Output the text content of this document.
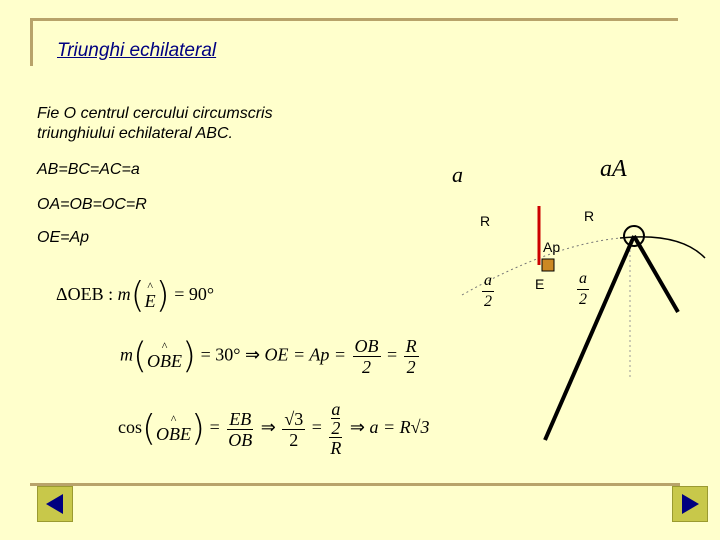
Triunghi echilateral
Fie O centrul cercului circumscris
triunghiului echilateral ABC.
AB=BC=AC=a
OA=OB=OC=R
OE=Ap
ΔOEB : m( ^
E ) = 90°
m( ^
OBE ) = 30° ⇒ OE = $Ap = \frac{OB}{2} = \frac{R}{2}$
cos( ^
OBE ) = $\frac{EB}{OB}$ ⇒ $\frac{√3}{2} = a$
2
R ⇒ a = R√3
a	aA
R	R
Ap
E
$\frac{a}{2}$	$\frac{a}{2}$
